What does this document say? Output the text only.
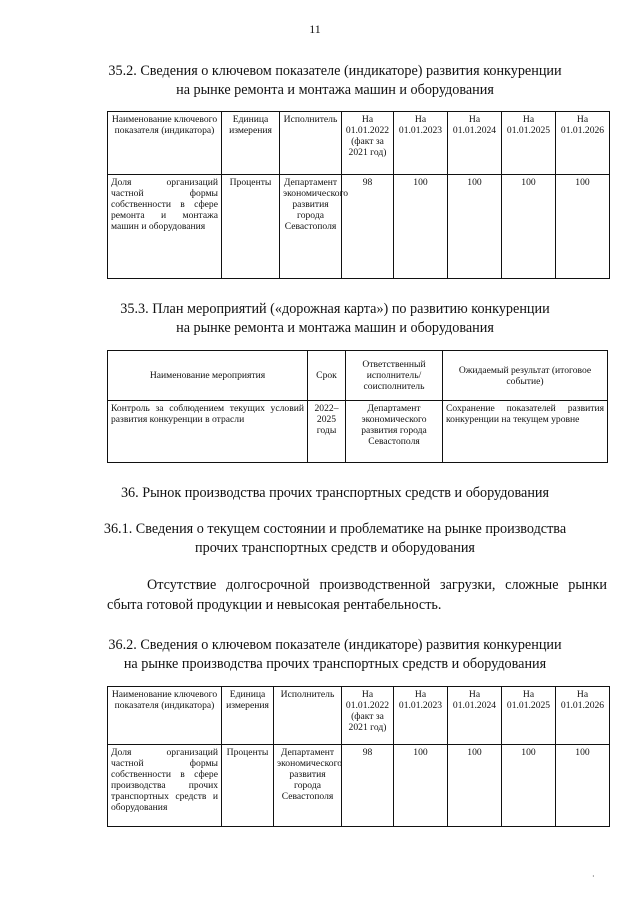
11
35.2. Сведения о ключевом показателе (индикаторе) развития конкуренции
на рынке ремонта и монтажа машин и оборудования
Наименование ключевого показателя (индикатора)	Единица измерения	Исполнитель	На 01.01.2022 (факт за 2021 год)	На 01.01.2023	На 01.01.2024	На 01.01.2025	На 01.01.2026
Доля организаций частной формы собственности в сфере ремонта и монтажа машин и оборудования	Проценты	Департамент экономического развития города Севастополя	98	100	100	100	100
35.3. План мероприятий («дорожная карта») по развитию конкуренции
на рынке ремонта и монтажа машин и оборудования
Наименование мероприятия	Срок	Ответственный исполнитель/ соисполнитель	Ожидаемый результат (итоговое событие)
Контроль за соблюдением текущих условий развития конкуренции в отрасли	2022–2025 годы	Департамент экономического развития города Севастополя	Сохранение показателей развития конкуренции на текущем уровне
36. Рынок производства прочих транспортных средств и оборудования
36.1. Сведения о текущем состоянии и проблематике на рынке производства
прочих транспортных средств и оборудования
Отсутствие долгосрочной производственной загрузки, сложные рынки сбыта готовой продукции и невысокая рентабельность.
36.2. Сведения о ключевом показателе (индикаторе) развития конкуренции
на рынке производства прочих транспортных средств и оборудования
Наименование ключевого показателя (индикатора)	Единица измерения	Исполнитель	На 01.01.2022 (факт за 2021 год)	На 01.01.2023	На 01.01.2024	На 01.01.2025	На 01.01.2026
Доля организаций частной формы собственности в сфере производства прочих транспортных средств и оборудования	Проценты	Департамент экономического развития города Севастополя	98	100	100	100	100
·
